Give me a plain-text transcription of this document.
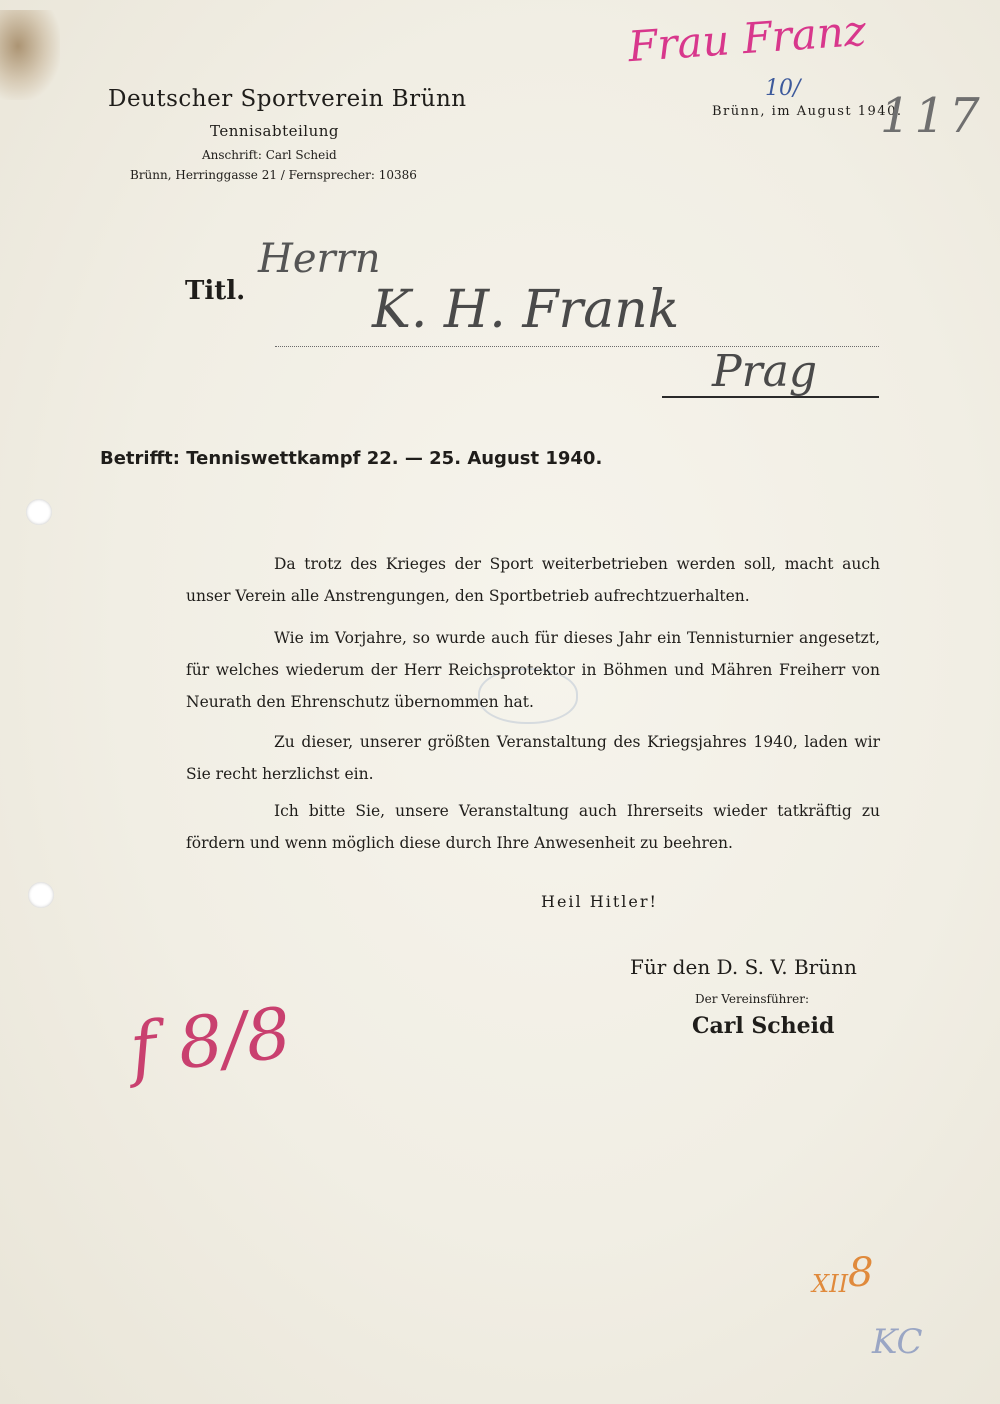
Deutscher Sportverein Brünn
Tennisabteilung
Anschrift: Carl Scheid
Brünn, Herringgasse 21 / Fernsprecher: 10386
Brünn, im August 1940.
Frau Franz
10/ 117
Titl.
Herrn
K. H. Frank
Prag
Betrifft: Tenniswettkampf 22. — 25. August 1940.

Da trotz des Krieges der Sport weiterbetrieben werden soll, macht auch unser Verein alle Anstrengungen, den Sportbetrieb aufrechtzuerhalten.

Wie im Vorjahre, so wurde auch für dieses Jahr ein Tennisturnier angesetzt, für welches wiederum der Herr Reichsprotektor in Böhmen und Mähren Freiherr von Neurath den Ehrenschutz übernommen hat.

Zu dieser, unserer größten Veranstaltung des Kriegsjahres 1940, laden wir Sie recht herzlichst ein.

Ich bitte Sie, unsere Veranstaltung auch Ihrerseits wieder tatkräftig zu fördern und wenn möglich diese durch Ihre Anwesenheit zu beehren.

Heil Hitler!
Für den D. S. V. Brünn
Der Vereinsführer:
Carl Scheid
f 8/8
XII 8
KC
